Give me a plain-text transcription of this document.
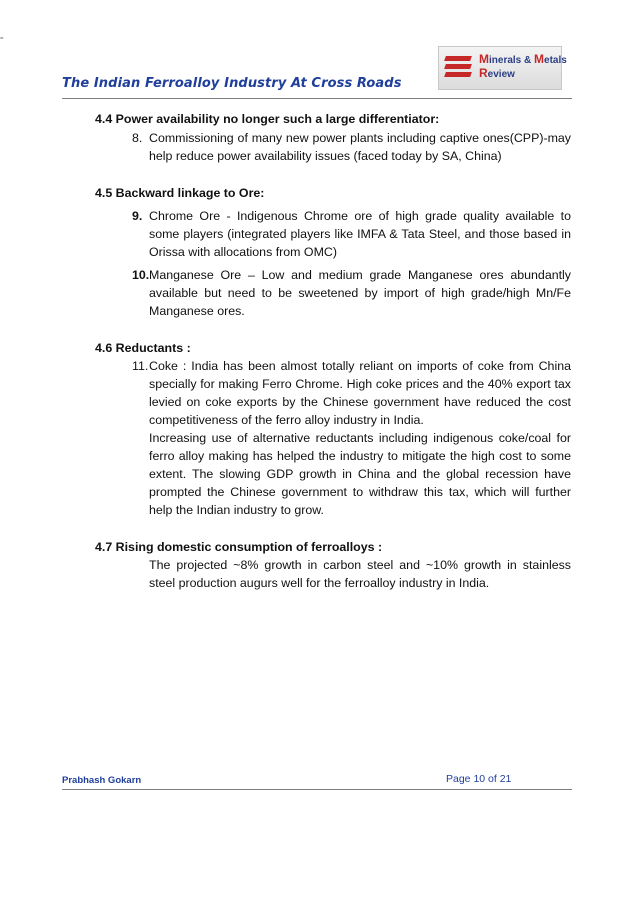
=
The Indian Ferroalloy Industry At Cross Roads
Minerals & Metals
Review
4.4 Power availability no longer such a large differentiator:
8. Commissioning of many new power plants including captive ones(CPP)-may help reduce power availability issues (faced today by SA, China)
4.5 Backward linkage to Ore:
9. Chrome Ore - Indigenous Chrome ore of high grade quality available to some players (integrated players like IMFA & Tata Steel, and those based in Orissa with allocations from OMC)
10. Manganese Ore – Low and medium grade Manganese ores abundantly available but need to be sweetened by import of high grade/high Mn/Fe Manganese ores.
4.6 Reductants :
11. Coke : India has been almost totally reliant on imports of coke from China specially for making Ferro Chrome. High coke prices and the 40% export tax levied on coke exports by the Chinese government have reduced the cost competitiveness of the ferro alloy industry in India.
Increasing use of alternative reductants including indigenous coke/coal for ferro alloy making has helped the industry to mitigate the high cost to some extent. The slowing GDP growth in China and the global recession have prompted the Chinese government to withdraw this tax, which will further help the Indian industry to grow.
4.7 Rising domestic consumption of ferroalloys :
The projected ~8% growth in carbon steel and ~10% growth in stainless steel production augurs well for the ferroalloy industry in India.
Prabhash Gokarn	Page 10 of 21
